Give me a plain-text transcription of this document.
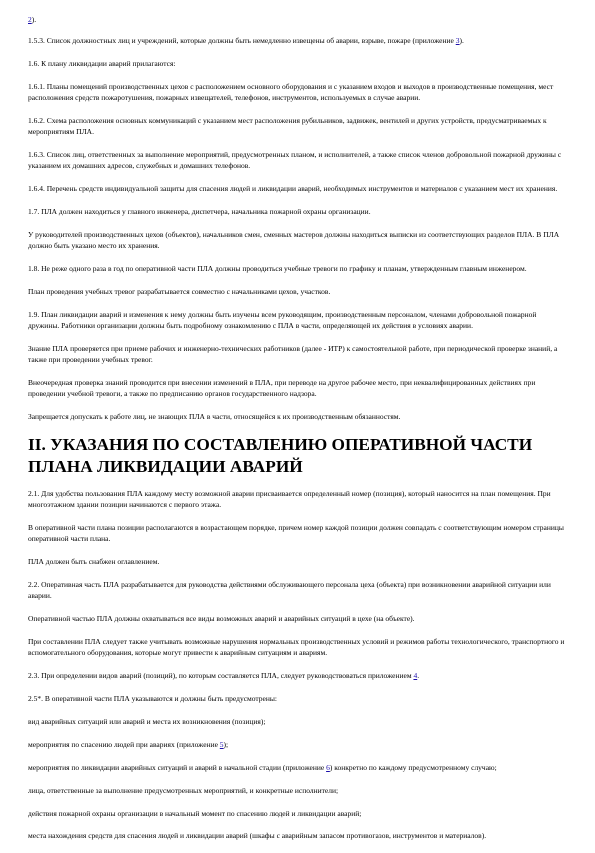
2).

1.5.3. Список должностных лиц и учреждений, которые должны быть немедленно извещены об аварии, взрыве, пожаре (приложение 3).

1.6. К плану ликвидации аварий прилагаются:

1.6.1. Планы помещений производственных цехов с расположением основного оборудования и с указанием входов и выходов в производственные помещения, мест расположения средств пожаротушения, пожарных извещателей, телефонов, инструментов, используемых в случае аварии.

1.6.2. Схема расположения основных коммуникаций с указанием мест расположения рубильников, задвижек, вентилей и других устройств, предусматриваемых к мероприятиям ПЛА.

1.6.3. Список лиц, ответственных за выполнение мероприятий, предусмотренных планом, и исполнителей, а также список членов добровольной пожарной дружины с указанием их домашних адресов, служебных и домашних телефонов.

1.6.4. Перечень средств индивидуальной защиты для спасения людей и ликвидации аварий, необходимых инструментов и материалов с указанием мест их хранения.

1.7. ПЛА должен находиться у главного инженера, диспетчера, начальника пожарной охраны организации.

У руководителей производственных цехов (объектов), начальников смен, сменных мастеров должны находиться выписки из соответствующих разделов ПЛА. В ПЛА должно быть указано место их хранения.

1.8. Не реже одного раза в год по оперативной части ПЛА должны проводиться учебные тревоги по графику и планам, утвержденным главным инженером.

План проведения учебных тревог разрабатывается совместно с начальниками цехов, участков.

1.9. План ликвидации аварий и изменения к нему должны быть изучены всем руководящим, производственным персоналом, членами добровольной пожарной дружины. Работники организации должны быть подробному ознакомлению с ПЛА в части, определяющей их действия в условиях аварии.

Знание ПЛА проверяется при приеме рабочих и инженерно-технических работников (далее - ИТР) к самостоятельной работе, при периодической проверке знаний, а также при проведении учебных тревог.

Внеочередная проверка знаний проводится при внесении изменений в ПЛА, при переводе на другое рабочее место, при неквалифицированных действиях при проведении учебной тревоги, а также по предписанию органов государственного надзора.

Запрещается допускать к работе лиц, не знающих ПЛА в части, относящейся к их производственным обязанностям.

II. УКАЗАНИЯ ПО СОСТАВЛЕНИЮ ОПЕРАТИВНОЙ ЧАСТИ ПЛАНА ЛИКВИДАЦИИ АВАРИЙ

2.1. Для удобства пользования ПЛА каждому месту возможной аварии присваивается определенный номер (позиция), который наносится на план помещения. При многоэтажном здании позиции начинаются с первого этажа.

В оперативной части плана позиции располагаются в возрастающем порядке, причем номер каждой позиции должен совпадать с соответствующим номером страницы оперативной части плана.

ПЛА должен быть снабжен оглавлением.

2.2. Оперативная часть ПЛА разрабатывается для руководства действиями обслуживающего персонала цеха (объекта) при возникновении аварийной ситуации или аварии.

Оперативной частью ПЛА должны охватываться все виды возможных аварий и аварийных ситуаций в цехе (на объекте).

При составлении ПЛА следует также учитывать возможные нарушения нормальных производственных условий и режимов работы технологического, транспортного и вспомогательного оборудования, которые могут привести к аварийным ситуациям и авариям.

2.3. При определении видов аварий (позиций), по которым составляется ПЛА, следует руководствоваться приложением 4.

2.5*. В оперативной части ПЛА указываются и должны быть предусмотрены:

вид аварийных ситуаций или аварий и места их возникновения (позиция);

мероприятия по спасению людей при авариях (приложение 5);

мероприятия по ликвидации аварийных ситуаций и аварий в начальной стадии (приложение 6) конкретно по каждому предусмотренному случаю;

лица, ответственные за выполнение предусмотренных мероприятий, и конкретные исполнители;

действия пожарной охраны организации в начальный момент по спасению людей и ликвидации аварий;

места нахождения средств для спасения людей и ликвидации аварий (шкафы с аварийным запасом противогазов, инструментов и материалов).
